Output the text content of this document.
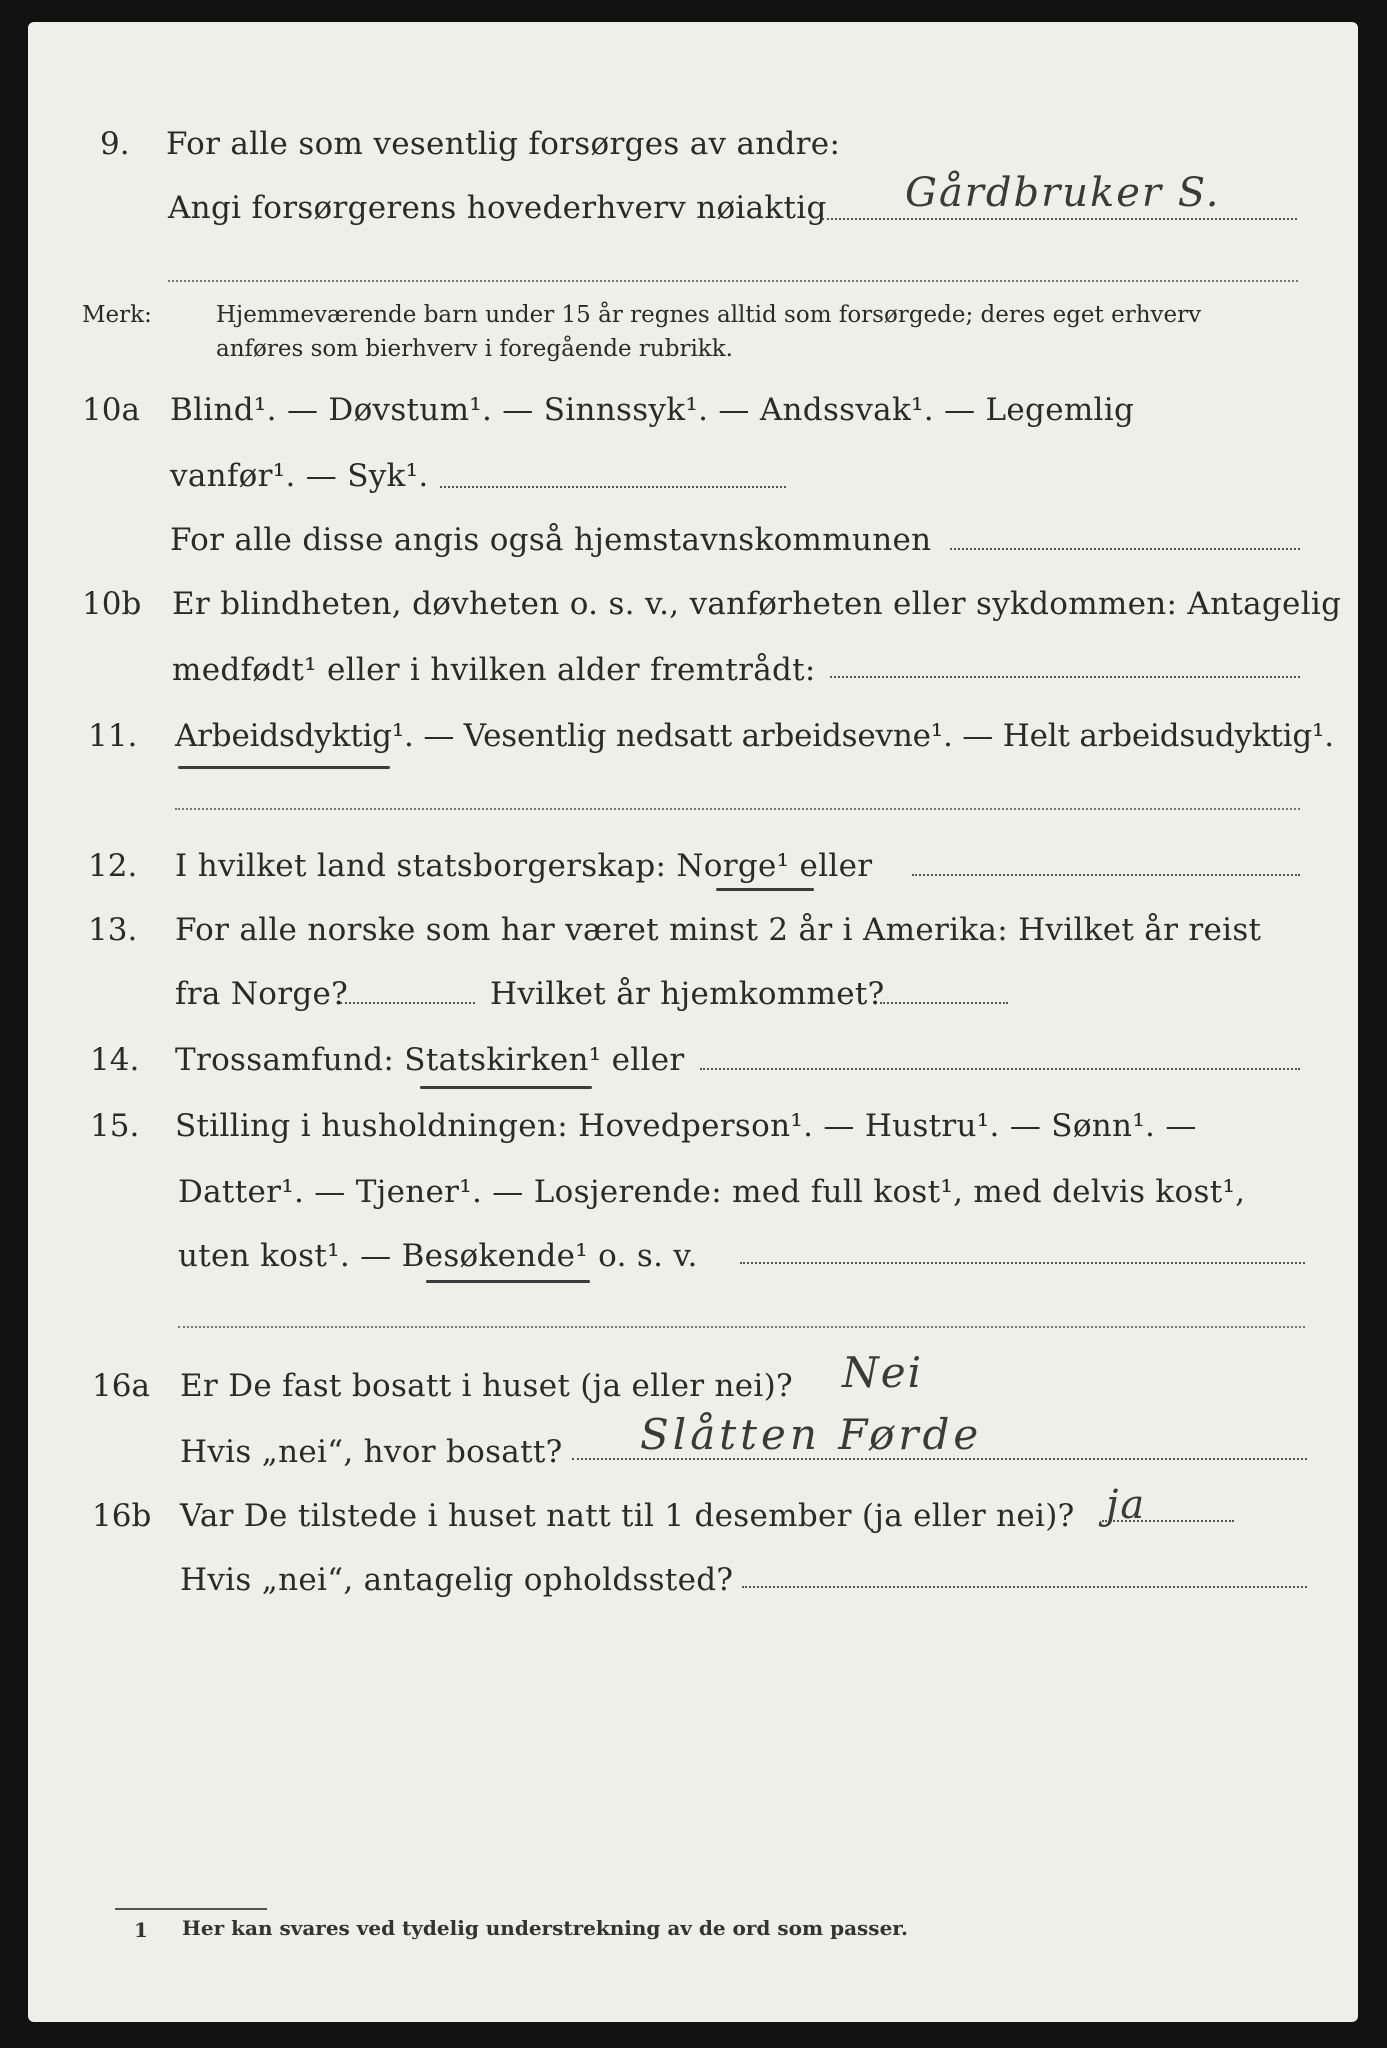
9. For alle som vesentlig forsørges av andre:
Angi forsørgerens hovederhverv nøiaktig Gårdbruker S.
Merk:	Hjemmeværende barn under 15 år regnes alltid som forsørgede; deres eget erhverv
anføres som bierhverv i foregående rubrikk.
10a Blind¹. — Døvstum¹. — Sinnssyk¹. — Andssvak¹. — Legemlig
vanfør¹. — Syk¹.
For alle disse angis også hjemstavnskommunen
10b Er blindheten, døvheten o. s. v., vanførheten eller sykdommen: Antagelig
medfødt¹ eller i hvilken alder fremtrådt:
11. Arbeidsdyktig¹. — Vesentlig nedsatt arbeidsevne¹. — Helt arbeidsudyktig¹.
12. I hvilket land statsborgerskap: Norge¹ eller
13. For alle norske som har været minst 2 år i Amerika: Hvilket år reist
fra Norge?	Hvilket år hjemkommet?
14. Trossamfund: Statskirken¹ eller
15. Stilling i husholdningen: Hovedperson¹. — Hustru¹. — Sønn¹. —
Datter¹. — Tjener¹. — Losjerende: med full kost¹, med delvis kost¹,
uten kost¹. — Besøkende¹ o. s. v.
16a Er De fast bosatt i huset (ja eller nei)? Nei
Hvis „nei“, hvor bosatt? Slåtten Førde
16b Var De tilstede i huset natt til 1 desember (ja eller nei)? ja
Hvis „nei“, antagelig opholdssted?
1 Her kan svares ved tydelig understrekning av de ord som passer.
